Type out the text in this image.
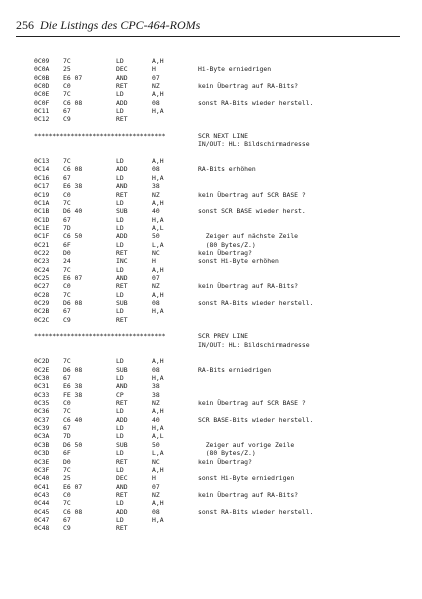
256 Die Listings des CPC-464-ROMs
0C09 7C	LD	A,H
0C0A 25	DEC	H	Hi-Byte erniedrigen
0C0B E6 07	AND	07
0C0D C0	RET	NZ	kein Übertrag auf RA-Bits?
0C0E 7C	LD	A,H
0C0F C6 08	ADD	08	sonst RA-Bits wieder herstell.
0C11 67	LD	H,A
0C12 C9	RET
************************************	SCR NEXT LINE
IN/OUT: HL: Bildschirmadresse
0C13 7C	LD	A,H
0C14 C6 08	ADD	08	RA-Bits erhöhen
0C16 67	LD	H,A
0C17 E6 38	AND	38
0C19 C0	RET	NZ	kein Übertrag auf SCR BASE ?
0C1A 7C	LD	A,H
0C1B D6 40	SUB	40	sonst SCR BASE wieder herst.
0C1D 67	LD	H,A
0C1E 7D	LD	A,L
0C1F C6 50	ADD	50	Zeiger auf nächste Zeile
0C21 6F	LD	L,A	(80 Bytes/Z.)
0C22 D0	RET	NC	kein Übertrag?
0C23 24	INC	H	sonst Hi-Byte erhöhen
0C24 7C	LD	A,H
0C25 E6 07	AND	07
0C27 C0	RET	NZ	kein Übertrag auf RA-Bits?
0C28 7C	LD	A,H
0C29 D6 08	SUB	08	sonst RA-Bits wieder herstell.
0C2B 67	LD	H,A
0C2C C9	RET
************************************	SCR PREV LINE
IN/OUT: HL: Bildschirmadresse
0C2D 7C	LD	A,H
0C2E D6 08	SUB	08	RA-Bits erniedrigen
0C30 67	LD	H,A
0C31 E6 38	AND	38
0C33 FE 38	CP	38
0C35 C0	RET	NZ	kein Übertrag auf SCR BASE ?
0C36 7C	LD	A,H
0C37 C6 40	ADD	40	SCR BASE-Bits wieder herstell.
0C39 67	LD	H,A
0C3A 7D	LD	A,L
0C3B D6 50	SUB	50	Zeiger auf vorige Zeile
0C3D 6F	LD	L,A	(80 Bytes/Z.)
0C3E D0	RET	NC	kein Übertrag?
0C3F 7C	LD	A,H
0C40 25	DEC	H	sonst Hi-Byte erniedrigen
0C41 E6 07	AND	07
0C43 C0	RET	NZ	kein Übertrag auf RA-Bits?
0C44 7C	LD	A,H
0C45 C6 08	ADD	08	sonst RA-Bits wieder herstell.
0C47 67	LD	H,A
0C48 C9	RET
